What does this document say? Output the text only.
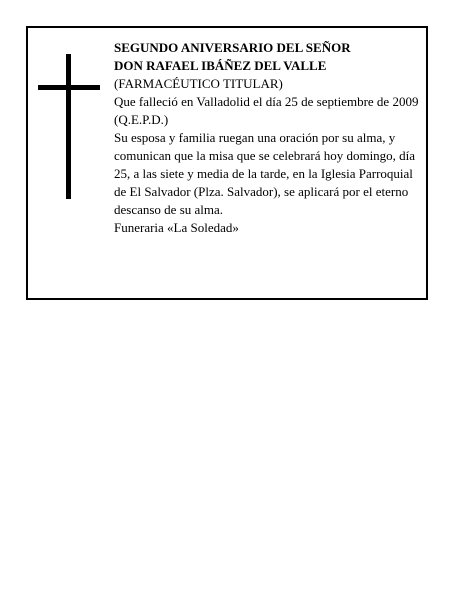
SEGUNDO ANIVERSARIO DEL SEÑOR
DON RAFAEL IBÁÑEZ DEL VALLE
(FARMACÉUTICO TITULAR)
Que falleció en Valladolid el día 25 de septiembre de 2009
(Q.E.P.D.)
Su esposa y familia ruegan una oración por su alma, y comunican que la misa que se celebrará hoy domingo, día 25, a las siete y media de la tarde, en la Iglesia Parroquial de El Salvador (Plza. Salvador), se aplicará por el eterno descanso de su alma.
Funeraria «La Soledad»
